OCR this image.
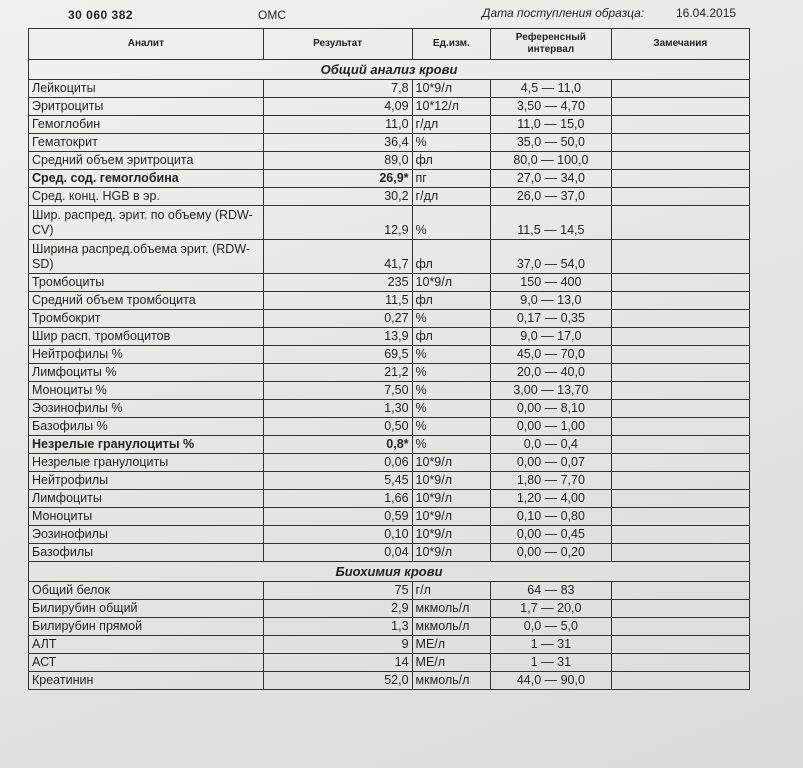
30 060 382	ОМС	Дата поступления образца:	16.04.2015
Аналит	Результат	Ед.изм.	Референсный интервал	Замечания
Общий анализ крови				
Лейкоциты	7,8	10*9/л	4,5 — 11,0	
Эритроциты	4,09	10*12/л	3,50 — 4,70	
Гемоглобин	11,0	г/дл	11,0 — 15,0	
Гематокрит	36,4	%	35,0 — 50,0	
Средний объем эритроцита	89,0	фл	80,0 — 100,0	
Сред. сод. гемоглобина	26,9*	пг	27,0 — 34,0	
Сред. конц. HGB в эр.	30,2	г/дл	26,0 — 37,0	
Шир. распред. эрит. по объему (RDW-CV)	12,9	%	11,5 — 14,5	
Ширина распред.объема эрит. (RDW-SD)	41,7	фл	37,0 — 54,0	
Тромбоциты	235	10*9/л	150 — 400	
Средний объем тромбоцита	11,5	фл	9,0 — 13,0	
Тромбокрит	0,27	%	0,17 — 0,35	
Шир расп. тромбоцитов	13,9	фл	9,0 — 17,0	
Нейтрофилы %	69,5	%	45,0 — 70,0	
Лимфоциты %	21,2	%	20,0 — 40,0	
Моноциты %	7,50	%	3,00 — 13,70	
Эозинофилы %	1,30	%	0,00 — 8,10	
Базофилы %	0,50	%	0,00 — 1,00	
Незрелые гранулоциты %	0,8*	%	0,0 — 0,4	
Незрелые гранулоциты	0,06	10*9/л	0,00 — 0,07	
Нейтрофилы	5,45	10*9/л	1,80 — 7,70	
Лимфоциты	1,66	10*9/л	1,20 — 4,00	
Моноциты	0,59	10*9/л	0,10 — 0,80	
Эозинофилы	0,10	10*9/л	0,00 — 0,45	
Базофилы	0,04	10*9/л	0,00 — 0,20	
Биохимия крови				
Общий белок	75	г/л	64 — 83	
Билирубин общий	2,9	мкмоль/л	1,7 — 20,0	
Билирубин прямой	1,3	мкмоль/л	0,0 — 5,0	
АЛТ	9	МЕ/л	1 — 31	
АСТ	14	МЕ/л	1 — 31	
Креатинин	52,0	мкмоль/л	44,0 — 90,0	
